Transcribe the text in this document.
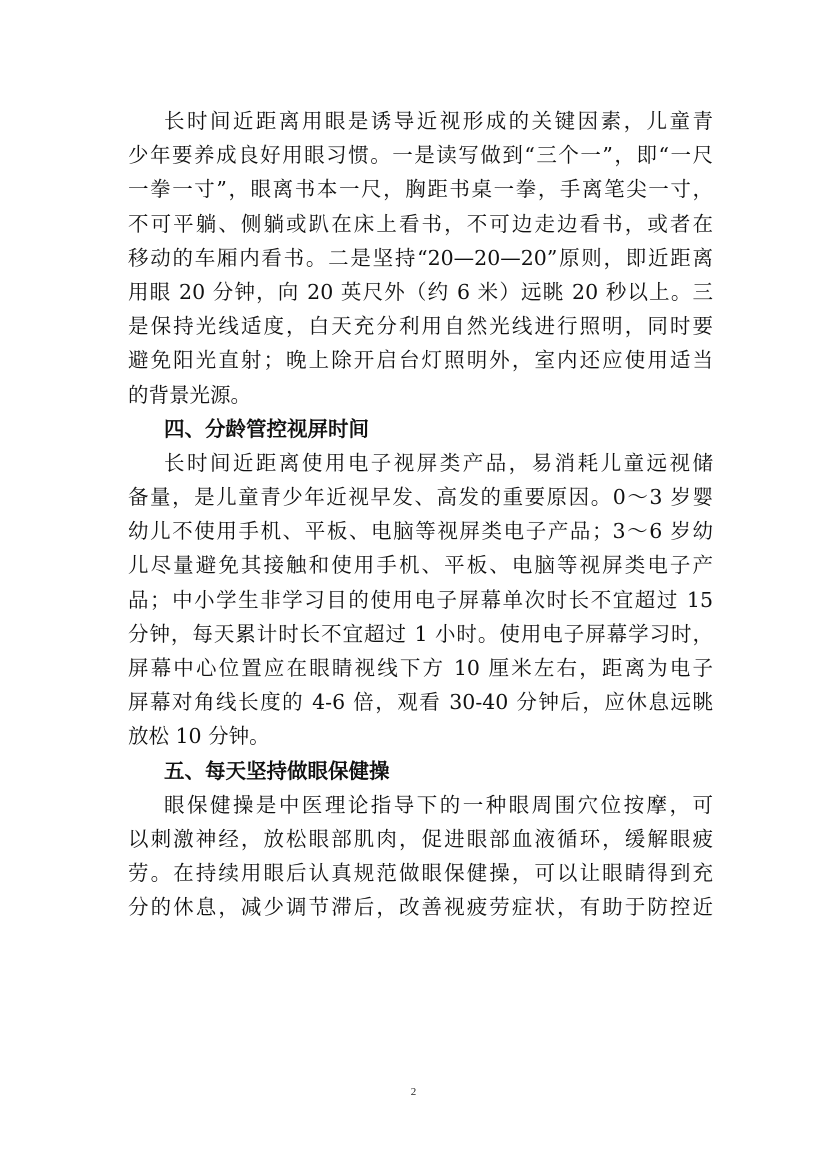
长时间近距离用眼是诱导近视形成的关键因素，儿童青
少年要养成良好用眼习惯。一是读写做到“三个一”，即“一尺
一拳一寸”，眼离书本一尺，胸距书桌一拳，手离笔尖一寸，
不可平躺、侧躺或趴在床上看书，不可边走边看书，或者在
移动的车厢内看书。二是坚持“20—20—20”原则，即近距离
用眼 20 分钟，向 20 英尺外（约 6 米）远眺 20 秒以上。三
是保持光线适度，白天充分利用自然光线进行照明，同时要
避免阳光直射；晚上除开启台灯照明外，室内还应使用适当
的背景光源。
四、分龄管控视屏时间
长时间近距离使用电子视屏类产品，易消耗儿童远视储
备量，是儿童青少年近视早发、高发的重要原因。0～3 岁婴
幼儿不使用手机、平板、电脑等视屏类电子产品；3～6 岁幼
儿尽量避免其接触和使用手机、平板、电脑等视屏类电子产
品；中小学生非学习目的使用电子屏幕单次时长不宜超过 15
分钟，每天累计时长不宜超过 1 小时。使用电子屏幕学习时，
屏幕中心位置应在眼睛视线下方 10 厘米左右，距离为电子
屏幕对角线长度的 4-6 倍，观看 30-40 分钟后，应休息远眺
放松 10 分钟。
五、每天坚持做眼保健操
眼保健操是中医理论指导下的一种眼周围穴位按摩，可
以刺激神经，放松眼部肌肉，促进眼部血液循环，缓解眼疲
劳。在持续用眼后认真规范做眼保健操，可以让眼睛得到充
分的休息，减少调节滞后，改善视疲劳症状，有助于防控近
2
